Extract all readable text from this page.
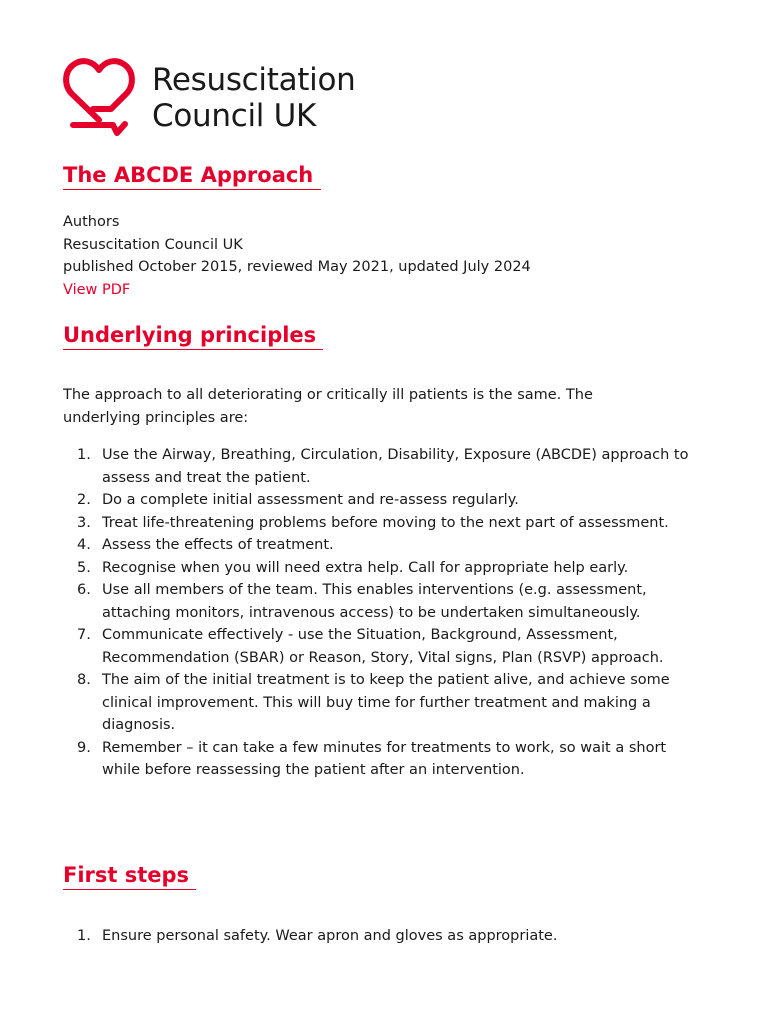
Resuscitation
Council UK
The ABCDE Approach
Authors
Resuscitation Council UK
published October 2015, reviewed May 2021, updated July 2024
View PDF
Underlying principles
The approach to all deteriorating or critically ill patients is the same. The underlying principles are:
1. Use the Airway, Breathing, Circulation, Disability, Exposure (ABCDE) approach to assess and treat the patient.
2. Do a complete initial assessment and re-assess regularly.
3. Treat life-threatening problems before moving to the next part of assessment.
4. Assess the effects of treatment.
5. Recognise when you will need extra help. Call for appropriate help early.
6. Use all members of the team. This enables interventions (e.g. assessment, attaching monitors, intravenous access) to be undertaken simultaneously.
7. Communicate effectively - use the Situation, Background, Assessment, Recommendation (SBAR) or Reason, Story, Vital signs, Plan (RSVP) approach.
8. The aim of the initial treatment is to keep the patient alive, and achieve some clinical improvement. This will buy time for further treatment and making a diagnosis.
9. Remember – it can take a few minutes for treatments to work, so wait a short while before reassessing the patient after an intervention.
First steps
1. Ensure personal safety. Wear apron and gloves as appropriate.
